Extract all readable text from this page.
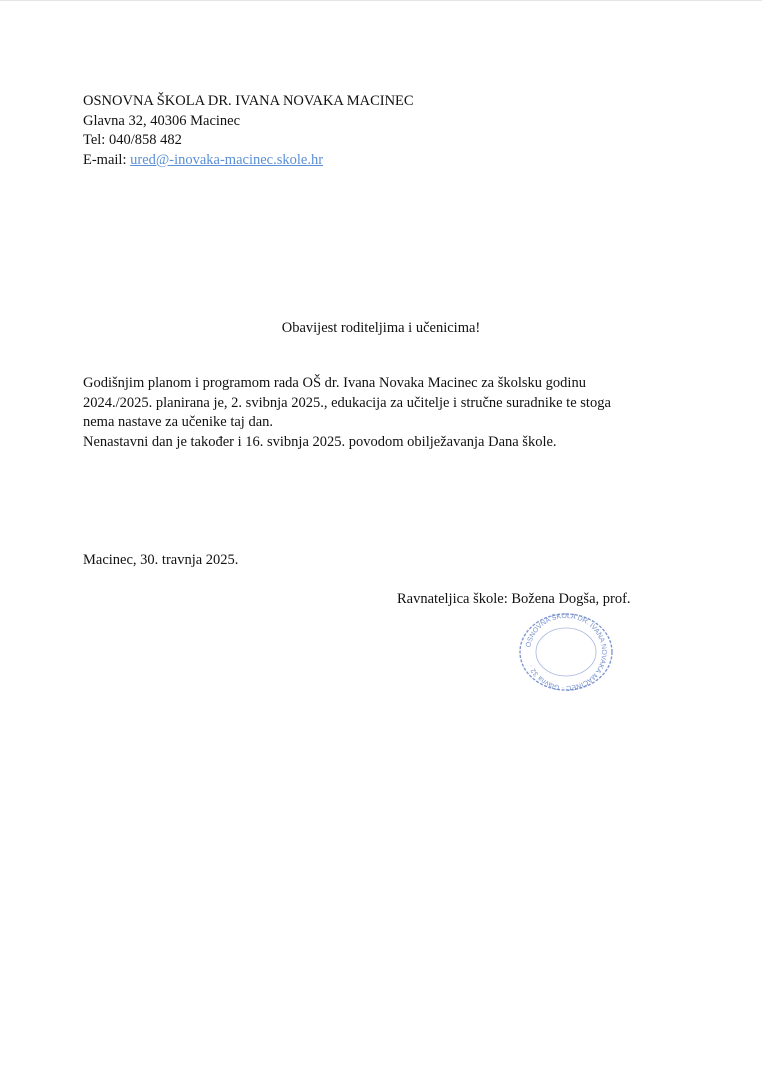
OSNOVNA ŠKOLA DR. IVANA NOVAKA MACINEC
Glavna 32, 40306 Macinec
Tel: 040/858 482
E-mail: ured@-inovaka-macinec.skole.hr
Obavijest roditeljima i učenicima!
Godišnjim planom i programom rada OŠ dr. Ivana Novaka Macinec za školsku godinu
2024./2025. planirana je, 2. svibnja 2025., edukacija za učitelje i stručne suradnike te stoga
nema nastave za učenike taj dan.
Nenastavni dan je također i 16. svibnja 2025. povodom obilježavanja Dana škole.
Macinec, 30. travnja 2025.
Ravnateljica škole: Božena Dogša, prof.
OSNOVNA ŠKOLA DR. IVANA NOVAKA MACINEC · Glavna 32 ·
